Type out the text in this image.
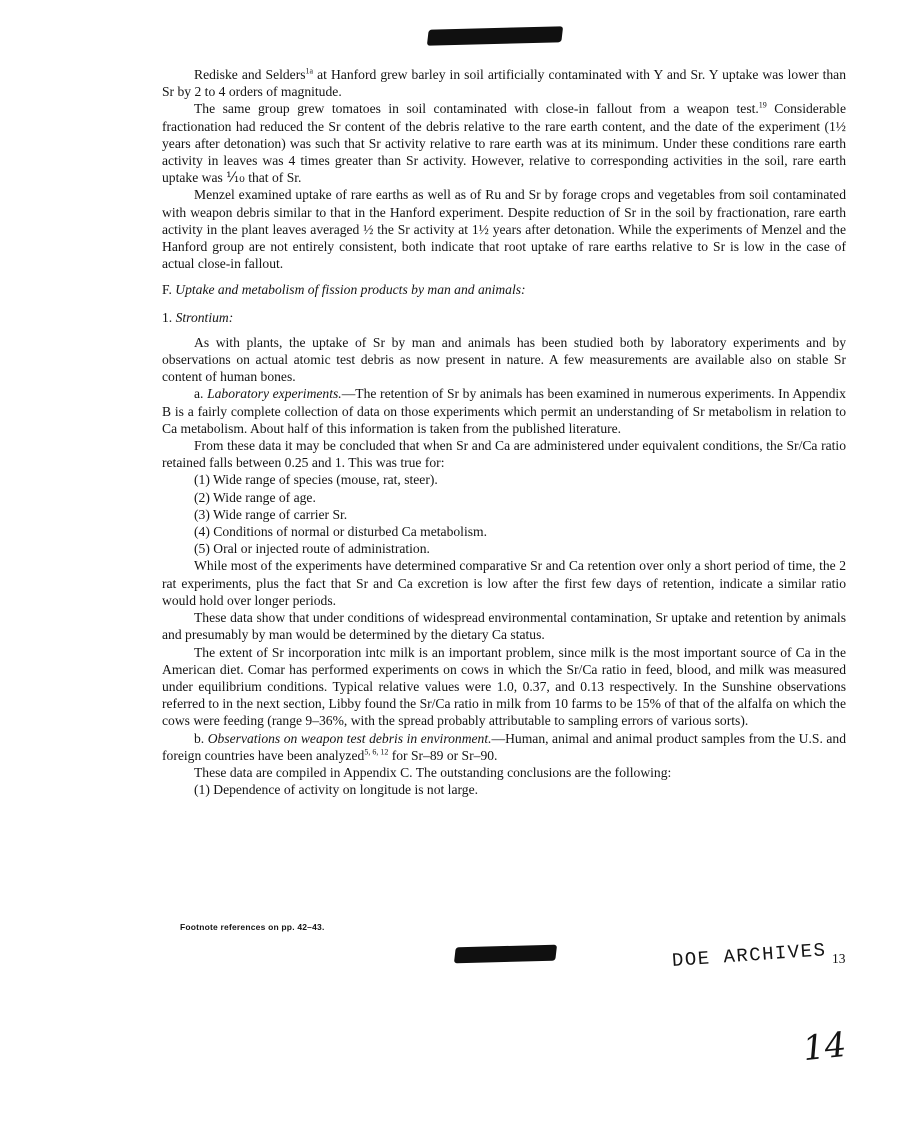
Rediske and Selders$^{1a}$ at Hanford grew barley in soil artificially contaminated with Y and Sr. Y uptake was lower than Sr by 2 to 4 orders of magnitude.

The same group grew tomatoes in soil contaminated with close-in fallout from a weapon test.$^{19}$ Considerable fractionation had reduced the Sr content of the debris relative to the rare earth content, and the date of the experiment (1½ years after detonation) was such that Sr activity relative to rare earth was at its minimum. Under these conditions rare earth activity in leaves was 4 times greater than Sr activity. However, relative to corresponding activities in the soil, rare earth uptake was ⅒ that of Sr.

Menzel examined uptake of rare earths as well as of Ru and Sr by forage crops and vegetables from soil contaminated with weapon debris similar to that in the Hanford experiment. Despite reduction of Sr in the soil by fractionation, rare earth activity in the plant leaves averaged ½ the Sr activity at 1½ years after detonation. While the experiments of Menzel and the Hanford group are not entirely consistent, both indicate that root uptake of rare earths relative to Sr is low in the case of actual close-in fallout.

F. Uptake and metabolism of fission products by man and animals:

1. Strontium:

As with plants, the uptake of Sr by man and animals has been studied both by laboratory experiments and by observations on actual atomic test debris as now present in nature. A few measurements are available also on stable Sr content of human bones.

a. Laboratory experiments.—The retention of Sr by animals has been examined in numerous experiments. In Appendix B is a fairly complete collection of data on those experiments which permit an understanding of Sr metabolism in relation to Ca metabolism. About half of this information is taken from the published literature.

From these data it may be concluded that when Sr and Ca are administered under equivalent conditions, the Sr/Ca ratio retained falls between 0.25 and 1. This was true for:

(1) Wide range of species (mouse, rat, steer).

(2) Wide range of age.

(3) Wide range of carrier Sr.

(4) Conditions of normal or disturbed Ca metabolism.

(5) Oral or injected route of administration.

While most of the experiments have determined comparative Sr and Ca retention over only a short period of time, the 2 rat experiments, plus the fact that Sr and Ca excretion is low after the first few days of retention, indicate a similar ratio would hold over longer periods.

These data show that under conditions of widespread environmental contamination, Sr uptake and retention by animals and presumably by man would be determined by the dietary Ca status.

The extent of Sr incorporation intc milk is an important problem, since milk is the most important source of Ca in the American diet. Comar has performed experiments on cows in which the Sr/Ca ratio in feed, blood, and milk was measured under equilibrium conditions. Typical relative values were 1.0, 0.37, and 0.13 respectively. In the Sunshine observations referred to in the next section, Libby found the Sr/Ca ratio in milk from 10 farms to be 15% of that of the alfalfa on which the cows were feeding (range 9–36%, with the spread probably attributable to sampling errors of various sorts).

b. Observations on weapon test debris in environment.—Human, animal and animal product samples from the U.S. and foreign countries have been analyzed$^{5, 6, 12}$ for Sr–89 or Sr–90.

These data are compiled in Appendix C. The outstanding conclusions are the following:

(1) Dependence of activity on longitude is not large.

Footnote references on pp. 42–43.
DOE ARCHIVES 13
14
